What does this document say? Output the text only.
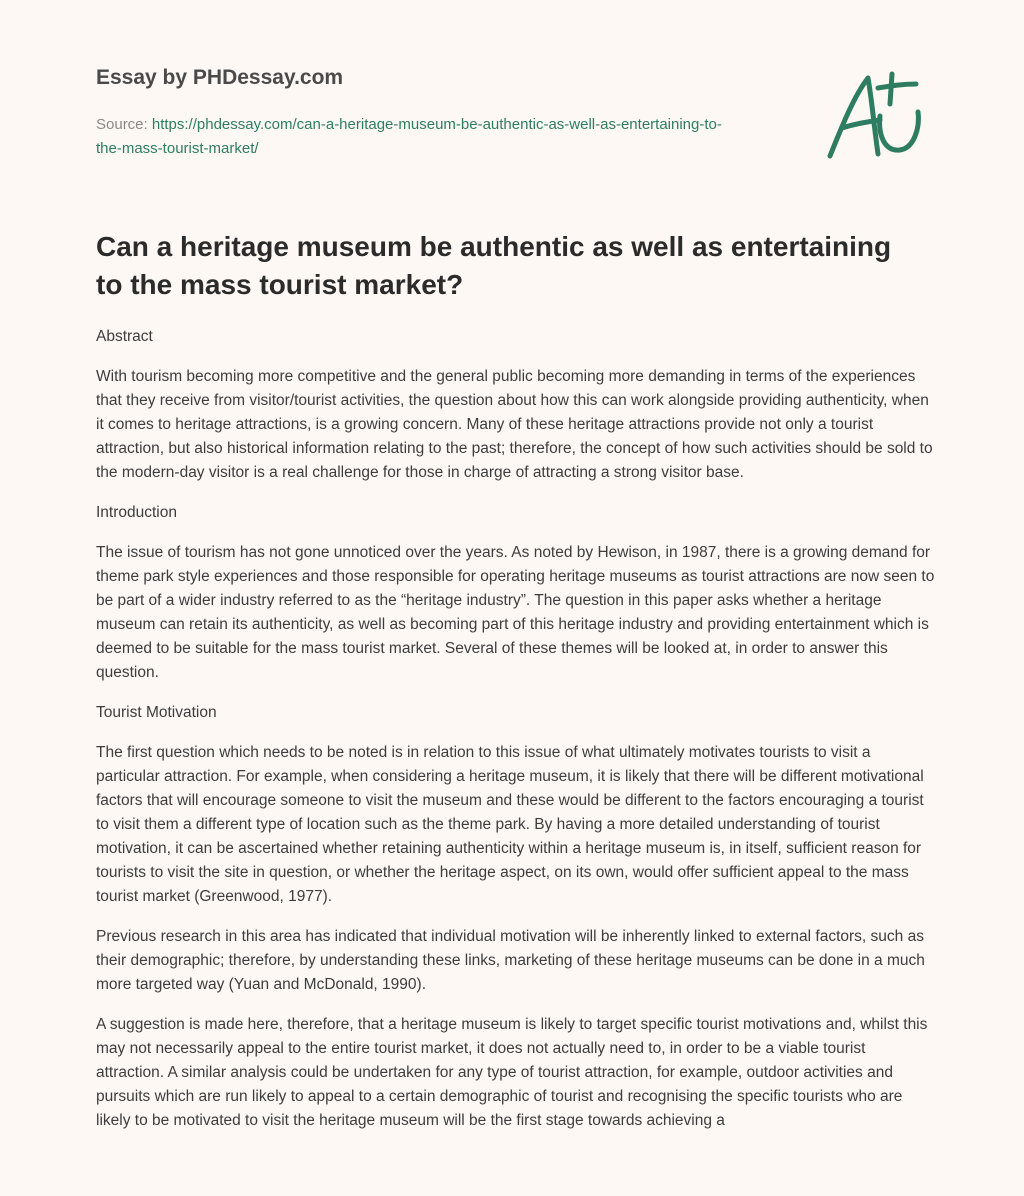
Essay by PHDessay.com

Source: https://phdessay.com/can-a-heritage-museum-be-authentic-as-well-as-entertaining-to-the-mass-tourist-market/

Can a heritage museum be authentic as well as entertaining to the mass tourist market?

Abstract

With tourism becoming more competitive and the general public becoming more demanding in terms of the experiences that they receive from visitor/tourist activities, the question about how this can work alongside providing authenticity, when it comes to heritage attractions, is a growing concern. Many of these heritage attractions provide not only a tourist attraction, but also historical information relating to the past; therefore, the concept of how such activities should be sold to the modern-day visitor is a real challenge for those in charge of attracting a strong visitor base.

Introduction

The issue of tourism has not gone unnoticed over the years. As noted by Hewison, in 1987, there is a growing demand for theme park style experiences and those responsible for operating heritage museums as tourist attractions are now seen to be part of a wider industry referred to as the “heritage industry”. The question in this paper asks whether a heritage museum can retain its authenticity, as well as becoming part of this heritage industry and providing entertainment which is deemed to be suitable for the mass tourist market. Several of these themes will be looked at, in order to answer this question.

Tourist Motivation

The first question which needs to be noted is in relation to this issue of what ultimately motivates tourists to visit a particular attraction. For example, when considering a heritage museum, it is likely that there will be different motivational factors that will encourage someone to visit the museum and these would be different to the factors encouraging a tourist to visit them a different type of location such as the theme park. By having a more detailed understanding of tourist motivation, it can be ascertained whether retaining authenticity within a heritage museum is, in itself, sufficient reason for tourists to visit the site in question, or whether the heritage aspect, on its own, would offer sufficient appeal to the mass tourist market (Greenwood, 1977).

Previous research in this area has indicated that individual motivation will be inherently linked to external factors, such as their demographic; therefore, by understanding these links, marketing of these heritage museums can be done in a much more targeted way (Yuan and McDonald, 1990).

A suggestion is made here, therefore, that a heritage museum is likely to target specific tourist motivations and, whilst this may not necessarily appeal to the entire tourist market, it does not actually need to, in order to be a viable tourist attraction. A similar analysis could be undertaken for any type of tourist attraction, for example, outdoor activities and pursuits which are run likely to appeal to a certain demographic of tourist and recognising the specific tourists who are likely to be motivated to visit the heritage museum will be the first stage towards achieving a
